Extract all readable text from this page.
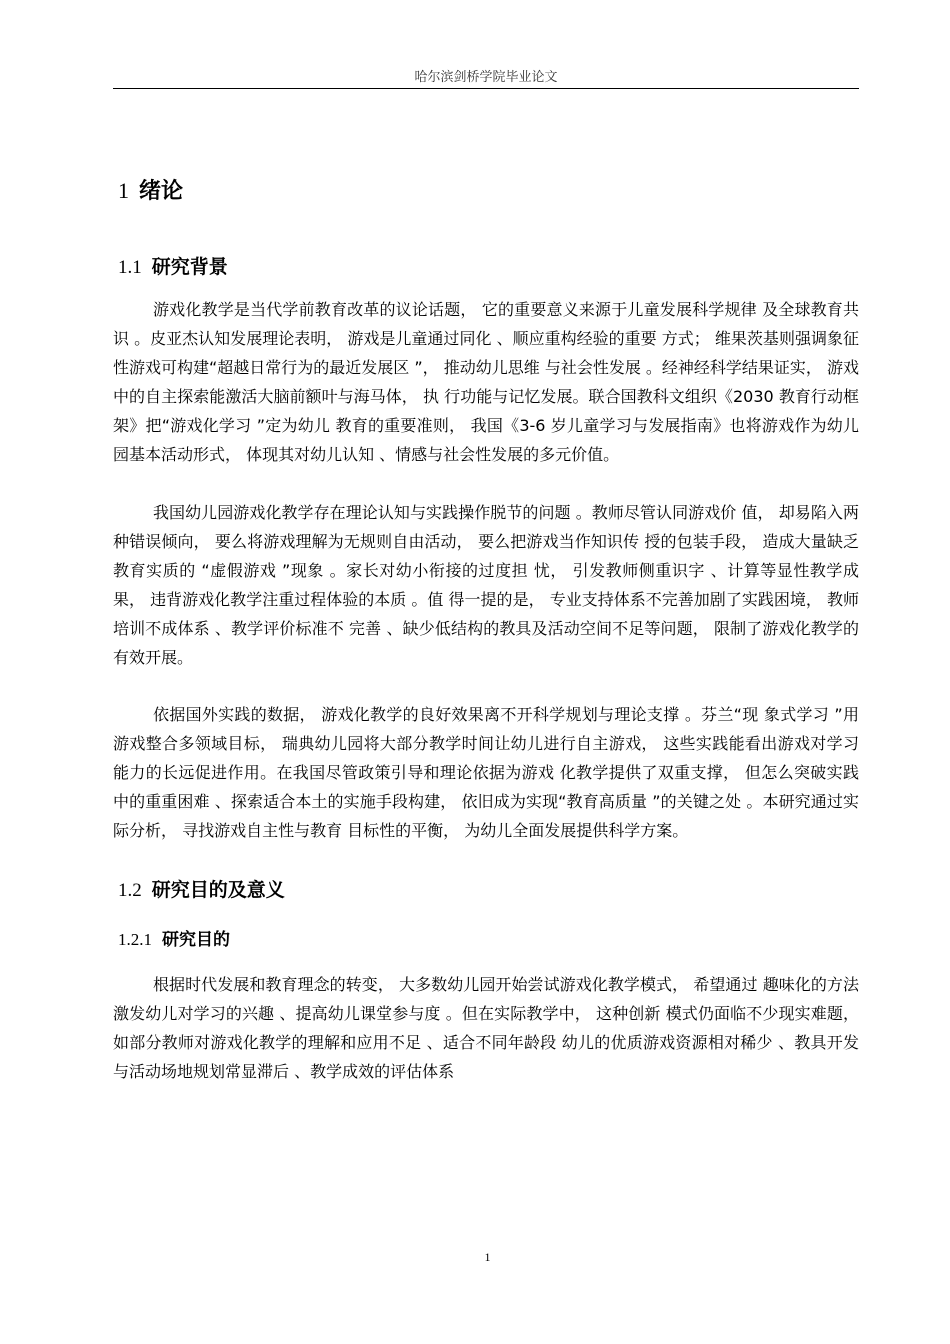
哈尔滨剑桥学院毕业论文
1 绪论
1.1 研究背景

游戏化教学是当代学前教育改革的议论话题， 它的重要意义来源于儿童发展科学规律 及全球教育共识 。皮亚杰认知发展理论表明， 游戏是儿童通过同化 、顺应重构经验的重要 方式； 维果茨基则强调象征性游戏可构建“超越日常行为的最近发展区 ”， 推动幼儿思维 与社会性发展 。经神经科学结果证实， 游戏中的自主探索能激活大脑前额叶与海马体， 执 行功能与记忆发展。联合国教科文组织《2030 教育行动框架》把“游戏化学习 ”定为幼儿 教育的重要准则， 我国《3-6 岁儿童学习与发展指南》也将游戏作为幼儿园基本活动形式， 体现其对幼儿认知 、情感与社会性发展的多元价值。

我国幼儿园游戏化教学存在理论认知与实践操作脱节的问题 。教师尽管认同游戏价 值， 却易陷入两种错误倾向， 要么将游戏理解为无规则自由活动， 要么把游戏当作知识传 授的包装手段， 造成大量缺乏教育实质的 “虚假游戏 ”现象 。家长对幼小衔接的过度担 忧， 引发教师侧重识字 、计算等显性教学成果， 违背游戏化教学注重过程体验的本质 。值 得一提的是， 专业支持体系不完善加剧了实践困境， 教师培训不成体系 、教学评价标准不 完善 、缺少低结构的教具及活动空间不足等问题， 限制了游戏化教学的有效开展。

依据国外实践的数据， 游戏化教学的良好效果离不开科学规划与理论支撑 。芬兰“现 象式学习 ”用游戏整合多领域目标， 瑞典幼儿园将大部分教学时间让幼儿进行自主游戏， 这些实践能看出游戏对学习能力的长远促进作用。在我国尽管政策引导和理论依据为游戏 化教学提供了双重支撑， 但怎么突破实践中的重重困难 、探索适合本土的实施手段构建， 依旧成为实现“教育高质量 ”的关键之处 。本研究通过实际分析， 寻找游戏自主性与教育 目标性的平衡， 为幼儿全面发展提供科学方案。

1.2 研究目的及意义
1.2.1 研究目的

根据时代发展和教育理念的转变， 大多数幼儿园开始尝试游戏化教学模式， 希望通过 趣味化的方法激发幼儿对学习的兴趣 、提高幼儿课堂参与度 。但在实际教学中， 这种创新 模式仍面临不少现实难题， 如部分教师对游戏化教学的理解和应用不足 、适合不同年龄段 幼儿的优质游戏资源相对稀少 、教具开发与活动场地规划常显滞后 、教学成效的评估体系

1
